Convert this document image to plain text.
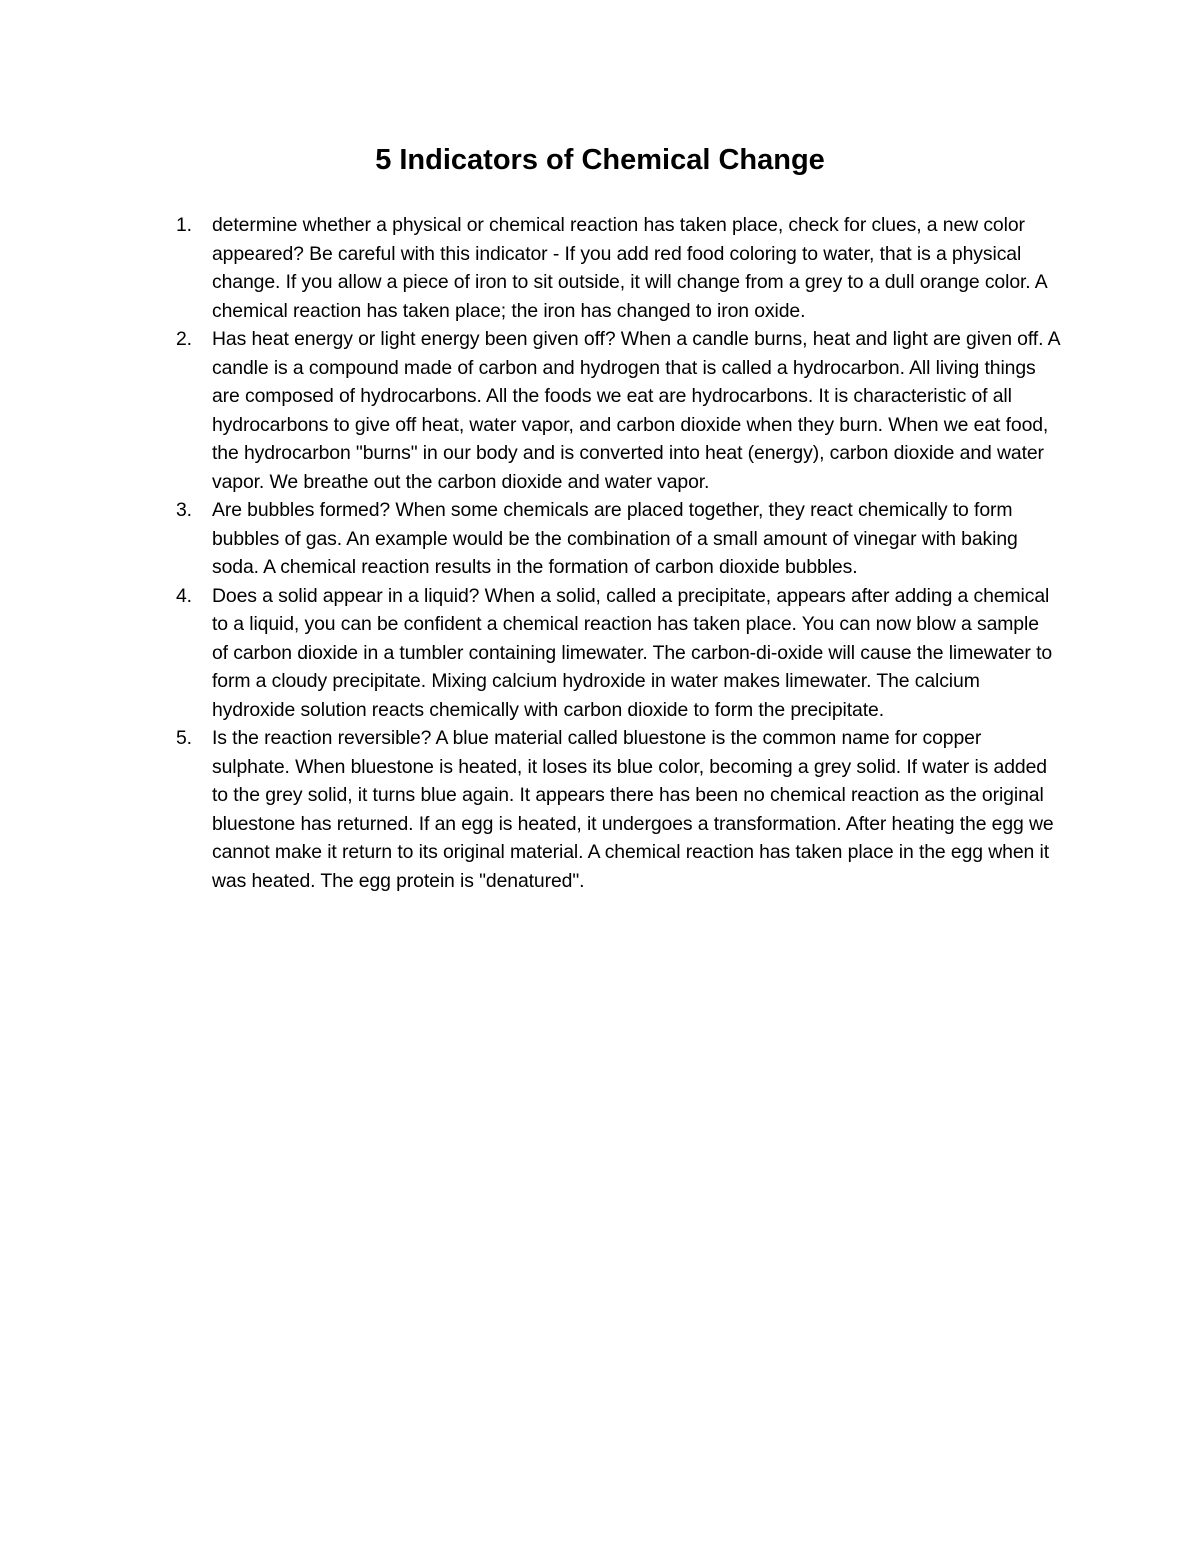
5 Indicators of Chemical Change
1. determine whether a physical or chemical reaction has taken place, check for clues, a new color appeared? Be careful with this indicator - If you add red food coloring to water, that is a physical change. If you allow a piece of iron to sit outside, it will change from a grey to a dull orange color. A chemical reaction has taken place; the iron has changed to iron oxide.
2. Has heat energy or light energy been given off? When a candle burns, heat and light are given off. A candle is a compound made of carbon and hydrogen that is called a hydrocarbon. All living things are composed of hydrocarbons. All the foods we eat are hydrocarbons. It is characteristic of all hydrocarbons to give off heat, water vapor, and carbon dioxide when they burn. When we eat food, the hydrocarbon "burns" in our body and is converted into heat (energy), carbon dioxide and water vapor. We breathe out the carbon dioxide and water vapor.
3. Are bubbles formed? When some chemicals are placed together, they react chemically to form bubbles of gas. An example would be the combination of a small amount of vinegar with baking soda. A chemical reaction results in the formation of carbon dioxide bubbles.
4. Does a solid appear in a liquid? When a solid, called a precipitate, appears after adding a chemical to a liquid, you can be confident a chemical reaction has taken place. You can now blow a sample of carbon dioxide in a tumbler containing limewater. The carbon-di-oxide will cause the limewater to form a cloudy precipitate. Mixing calcium hydroxide in water makes limewater. The calcium hydroxide solution reacts chemically with carbon dioxide to form the precipitate.
5. Is the reaction reversible? A blue material called bluestone is the common name for copper sulphate. When bluestone is heated, it loses its blue color, becoming a grey solid. If water is added to the grey solid, it turns blue again. It appears there has been no chemical reaction as the original bluestone has returned. If an egg is heated, it undergoes a transformation. After heating the egg we cannot make it return to its original material. A chemical reaction has taken place in the egg when it was heated. The egg protein is "denatured".
